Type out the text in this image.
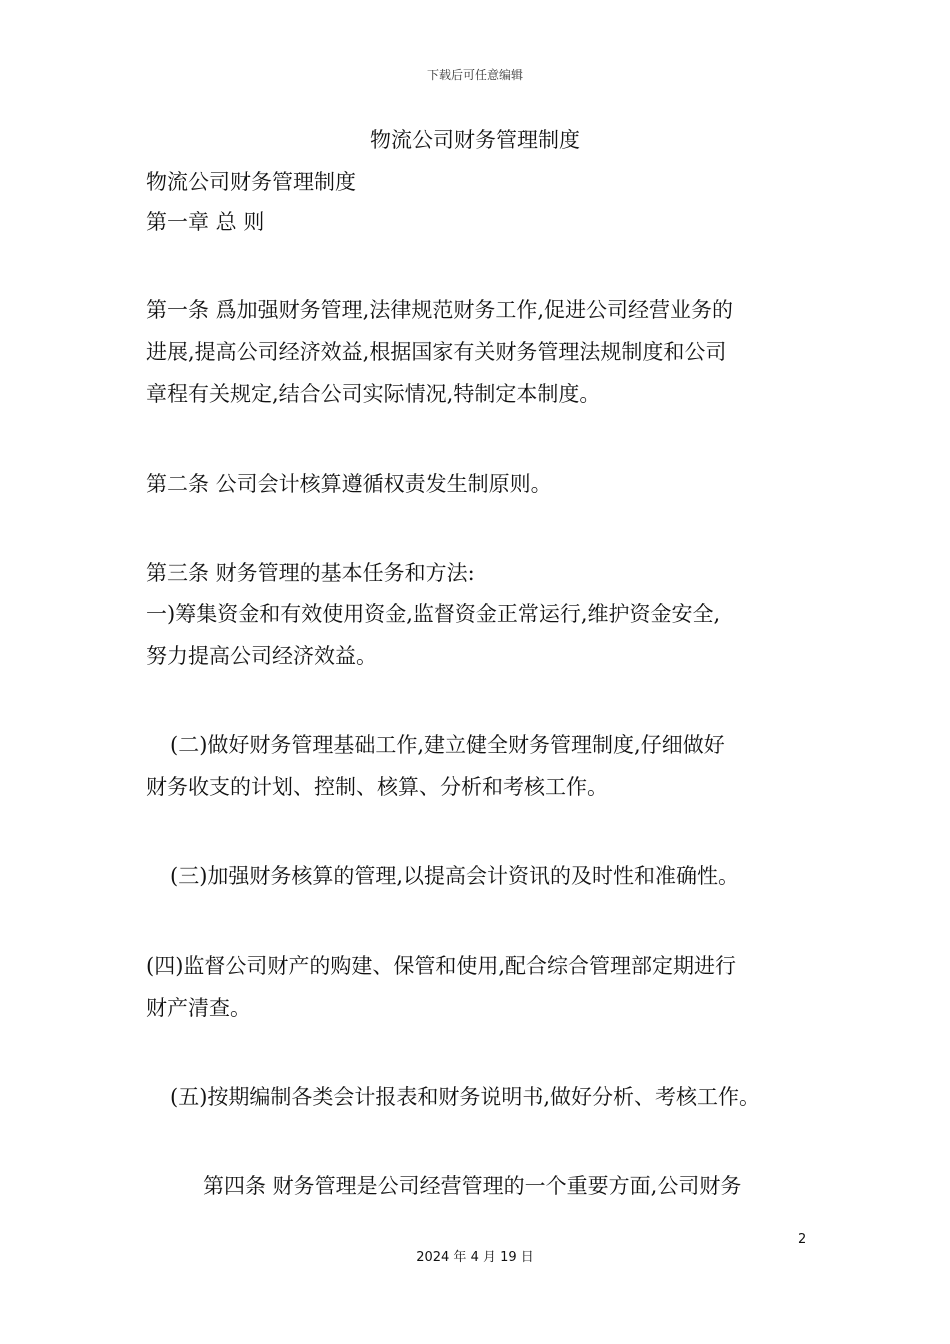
下载后可任意编辑
物流公司财务管理制度
物流公司财务管理制度
第一章 总 则
第一条 爲加强财务管理,法律规范财务工作,促进公司经营业务的
进展,提高公司经济效益,根据国家有关财务管理法规制度和公司
章程有关规定,结合公司实际情况,特制定本制度。
第二条 公司会计核算遵循权责发生制原则。
第三条 财务管理的基本任务和方法:
一)筹集资金和有效使用资金,监督资金正常运行,维护资金安全,
努力提高公司经济效益。
(二)做好财务管理基础工作,建立健全财务管理制度,仔细做好
财务收支的计划、控制、核算、分析和考核工作。
(三)加强财务核算的管理,以提高会计资讯的及时性和准确性。
(四)监督公司财产的购建、保管和使用,配合综合管理部定期进行
财产清查。
(五)按期编制各类会计报表和财务说明书,做好分析、考核工作。
第四条 财务管理是公司经营管理的一个重要方面,公司财务
2
2024 年 4 月 19 日
